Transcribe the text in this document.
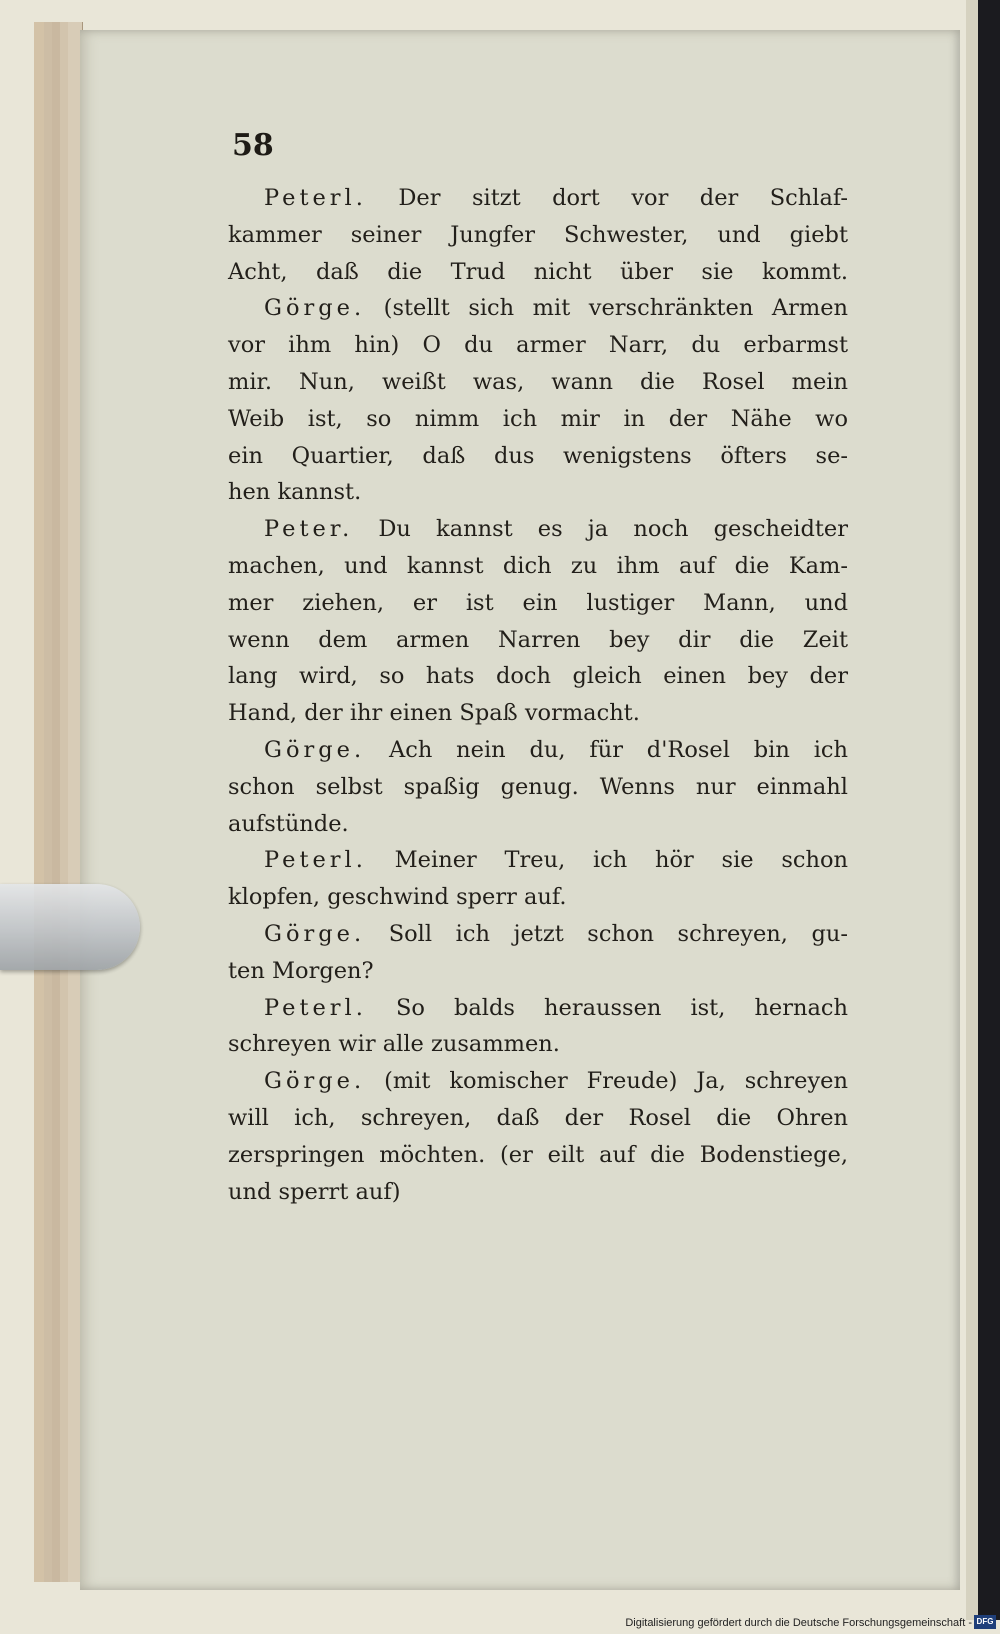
58
Peterl. Der sitzt dort vor der Schlaf-
kammer seiner Jungfer Schwester, und giebt
Acht, daß die Trud nicht über sie kommt.
Görge. (stellt sich mit verschränkten Armen
vor ihm hin) O du armer Narr, du erbarmst
mir. Nun, weißt was, wann die Rosel mein
Weib ist, so nimm ich mir in der Nähe wo
ein Quartier, daß dus wenigstens öfters se-
hen kannst.
Peter. Du kannst es ja noch gescheidter
machen, und kannst dich zu ihm auf die Kam-
mer ziehen, er ist ein lustiger Mann, und
wenn dem armen Narren bey dir die Zeit
lang wird, so hats doch gleich einen bey der
Hand, der ihr einen Spaß vormacht.
Görge. Ach nein du, für d'Rosel bin ich
schon selbst spaßig genug. Wenns nur einmahl
aufstünde.
Peterl. Meiner Treu, ich hör sie schon
klopfen, geschwind sperr auf.
Görge. Soll ich jetzt schon schreyen, gu-
ten Morgen?
Peterl. So balds heraussen ist, hernach
schreyen wir alle zusammen.
Görge. (mit komischer Freude) Ja, schreyen
will ich, schreyen, daß der Rosel die Ohren
zerspringen möchten. (er eilt auf die Bodenstiege,
und sperrt auf)
Digitalisierung gefördert durch die Deutsche Forschungsgemeinschaft - DFG
